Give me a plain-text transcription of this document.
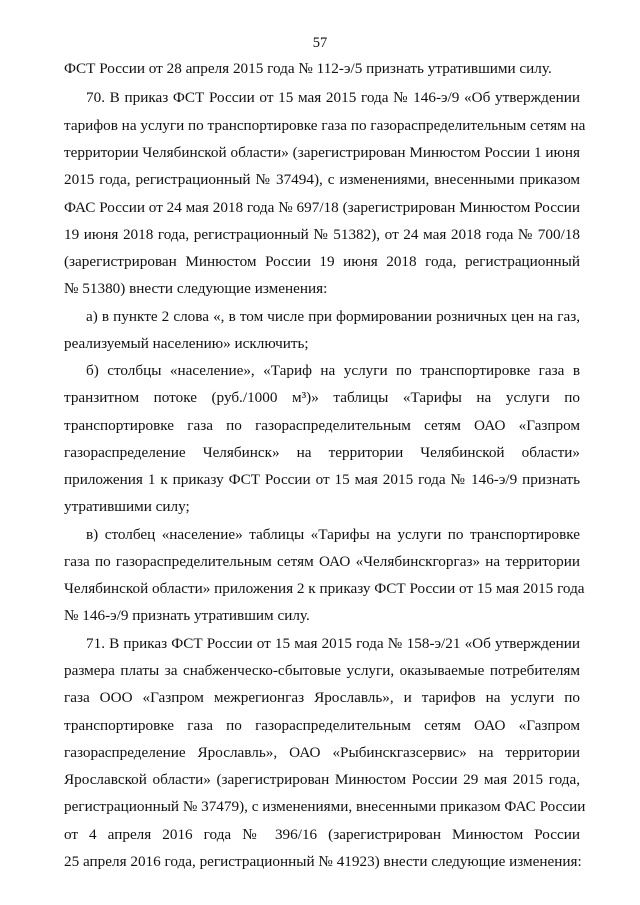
57
ФСТ России от 28 апреля 2015 года № 112-э/5 признать утратившими силу.
70. В приказ ФСТ России от 15 мая 2015 года № 146-э/9 «Об утверждении
тарифов на услуги по транспортировке газа по газораспределительным сетям на
территории Челябинской области» (зарегистрирован Минюстом России 1 июня
2015 года, регистрационный № 37494), с изменениями, внесенными приказом
ФАС России от 24 мая 2018 года № 697/18 (зарегистрирован Минюстом России
19 июня 2018 года, регистрационный № 51382), от 24 мая 2018 года № 700/18
(зарегистрирован Минюстом России 19 июня 2018 года, регистрационный
№ 51380) внести следующие изменения:
а) в пункте 2 слова «, в том числе при формировании розничных цен на газ,
реализуемый населению» исключить;
б) столбцы «население», «Тариф на услуги по транспортировке газа в
транзитном потоке (руб./1000 м³)» таблицы «Тарифы на услуги по
транспортировке газа по газораспределительным сетям ОАО «Газпром
газораспределение Челябинск» на территории Челябинской области»
приложения 1 к приказу ФСТ России от 15 мая 2015 года № 146-э/9 признать
утратившими силу;
в) столбец «население» таблицы «Тарифы на услуги по транспортировке
газа по газораспределительным сетям ОАО «Челябинскгоргаз» на территории
Челябинской области» приложения 2 к приказу ФСТ России от 15 мая 2015 года
№ 146-э/9 признать утратившим силу.
71. В приказ ФСТ России от 15 мая 2015 года № 158-э/21 «Об утверждении
размера платы за снабженческо-сбытовые услуги, оказываемые потребителям
газа ООО «Газпром межрегионгаз Ярославль», и тарифов на услуги по
транспортировке газа по газораспределительным сетям ОАО «Газпром
газораспределение Ярославль», ОАО «Рыбинскгазсервис» на территории
Ярославской области» (зарегистрирован Минюстом России 29 мая 2015 года,
регистрационный № 37479), с изменениями, внесенными приказом ФАС России
от 4 апреля 2016 года № 396/16 (зарегистрирован Минюстом России
25 апреля 2016 года, регистрационный № 41923) внести следующие изменения:
